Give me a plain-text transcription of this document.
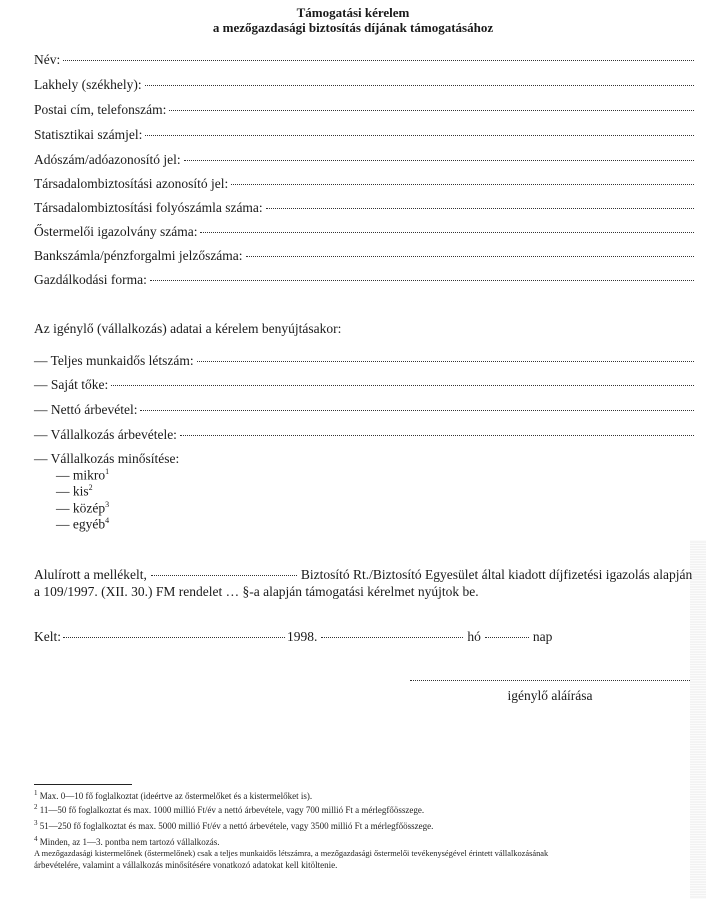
Támogatási kérelem
a mezőgazdasági biztosítás díjának támogatásához
Név:
Lakhely (székhely):
Postai cím, telefonszám:
Statisztikai számjel:
Adószám/adóazonosító jel:
Társadalombiztosítási azonosító jel:
Társadalombiztosítási folyószámla száma:
Őstermelői igazolvány száma:
Bankszámla/pénzforgalmi jelzőszáma:
Gazdálkodási forma:
Az igénylő (vállalkozás) adatai a kérelem benyújtásakor:
— Teljes munkaidős létszám:
— Saját tőke:
— Nettó árbevétel:
— Vállalkozás árbevétele:
— Vállalkozás minősítése:
— mikro$^1$
— kis$^2$
— közép$^3$
— egyéb$^4$
Alulírott a mellékelt,	Biztosító Rt./Biztosító Egyesület által kiadott díjfizetési igazolás alapján
a 109/1997. (XII. 30.) FM rendelet … §-a alapján támogatási kérelmet nyújtok be.
Kelt:	1998.	hó	nap
igénylő aláírása
$^1$ Max. 0—10 fő foglalkoztat (ideértve az őstermelőket és a kistermelőket is).
$^2$ 11—50 fő foglalkoztat és max. 1000 millió Ft/év a nettó árbevétele, vagy 700 millió Ft a mérlegfőösszege.
$^3$ 51—250 fő foglalkoztat és max. 5000 millió Ft/év a nettó árbevétele, vagy 3500 millió Ft a mérlegfőösszege.
$^4$ Minden, az 1—3. pontba nem tartozó vállalkozás.
A mezőgazdasági kistermelőnek (őstermelőnek) csak a teljes munkaidős létszámra, a mezőgazdasági őstermelői tevékenységével érintett vállalkozásának
árbevételére, valamint a vállalkozás minősítésére vonatkozó adatokat kell kitöltenie.
